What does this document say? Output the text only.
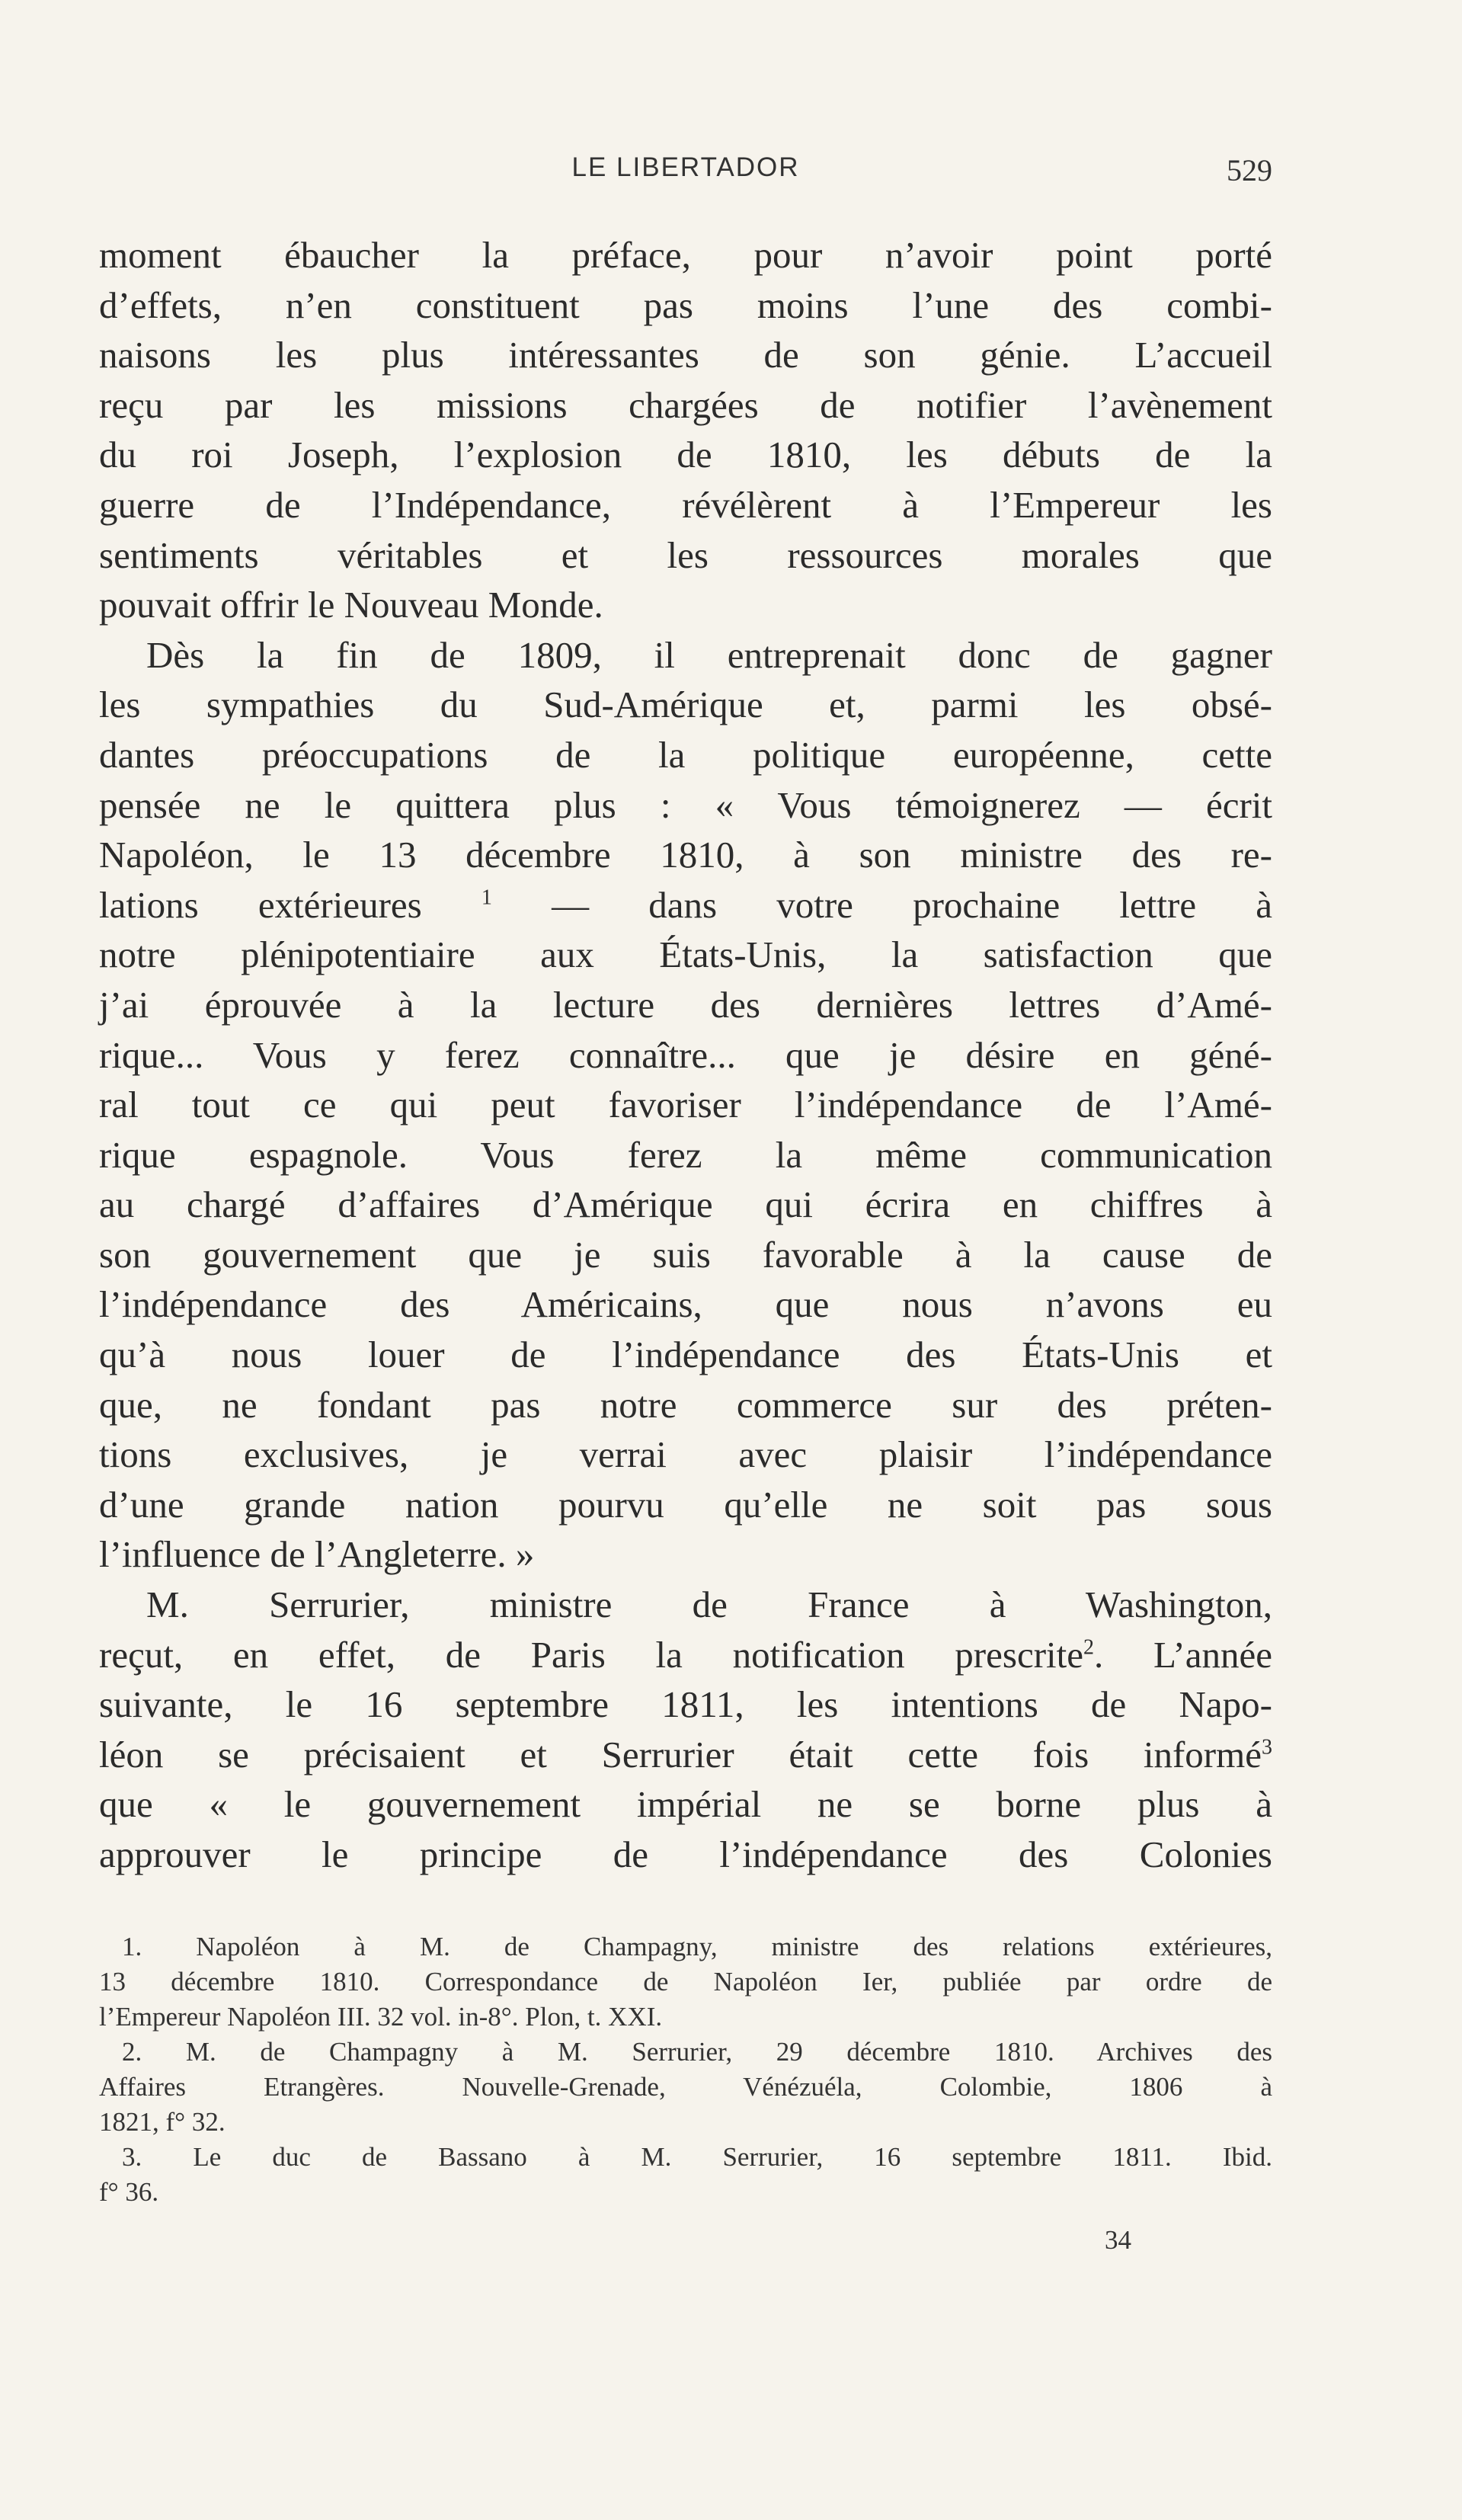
LE LIBERTADOR	529
moment ébaucher la préface, pour n’avoir point porté
d’effets, n’en constituent pas moins l’une des combi-
naisons les plus intéressantes de son génie. L’accueil
reçu par les missions chargées de notifier l’avènement
du roi Joseph, l’explosion de 1810, les débuts de la
guerre de l’Indépendance, révélèrent à l’Empereur les
sentiments véritables et les ressources morales que
pouvait offrir le Nouveau Monde.
Dès la fin de 1809, il entreprenait donc de gagner
les sympathies du Sud-Amérique et, parmi les obsé-
dantes préoccupations de la politique européenne, cette
pensée ne le quittera plus : « Vous témoignerez — écrit
Napoléon, le 13 décembre 1810, à son ministre des re-
lations extérieures	$^1$ — dans votre prochaine lettre à
notre plénipotentiaire aux États-Unis, la satisfaction que
j’ai éprouvée à la lecture des dernières lettres d’Amé-
rique... Vous y ferez connaître... que je désire en géné-
ral tout ce qui peut favoriser l’indépendance de l’Amé-
rique espagnole. Vous ferez la même communication
au chargé d’affaires d’Amérique qui écrira en chiffres à
son gouvernement que je suis favorable à la cause de
l’indépendance des Américains, que nous n’avons eu
qu’à nous louer de l’indépendance des États-Unis et
que, ne fondant pas notre commerce sur des préten-
tions exclusives, je verrai avec plaisir l’indépendance
d’une grande nation pourvu qu’elle ne soit pas sous
l’influence de l’Angleterre. »
M. Serrurier, ministre de France à Washington,
reçut, en effet, de Paris la notification prescrite$^2$. L’année
suivante, le 16 septembre 1811, les intentions de Napo-
léon se précisaient et Serrurier était cette fois informé$^3$
que « le gouvernement impérial ne se borne plus à
approuver le principe de l’indépendance des Colonies
1. Napoléon à M. de Champagny, ministre des relations extérieures,
13 décembre 1810. Correspondance de Napoléon Ier, publiée par ordre de
l’Empereur Napoléon III. 32 vol. in-8°. Plon, t. XXI.
2. M. de Champagny à M. Serrurier, 29 décembre 1810. Archives des
Affaires Etrangères. Nouvelle-Grenade, Vénézuéla, Colombie, 1806 à
1821, f° 32.
3. Le duc de Bassano à M. Serrurier, 16 septembre 1811. Ibid.
f° 36.
34
